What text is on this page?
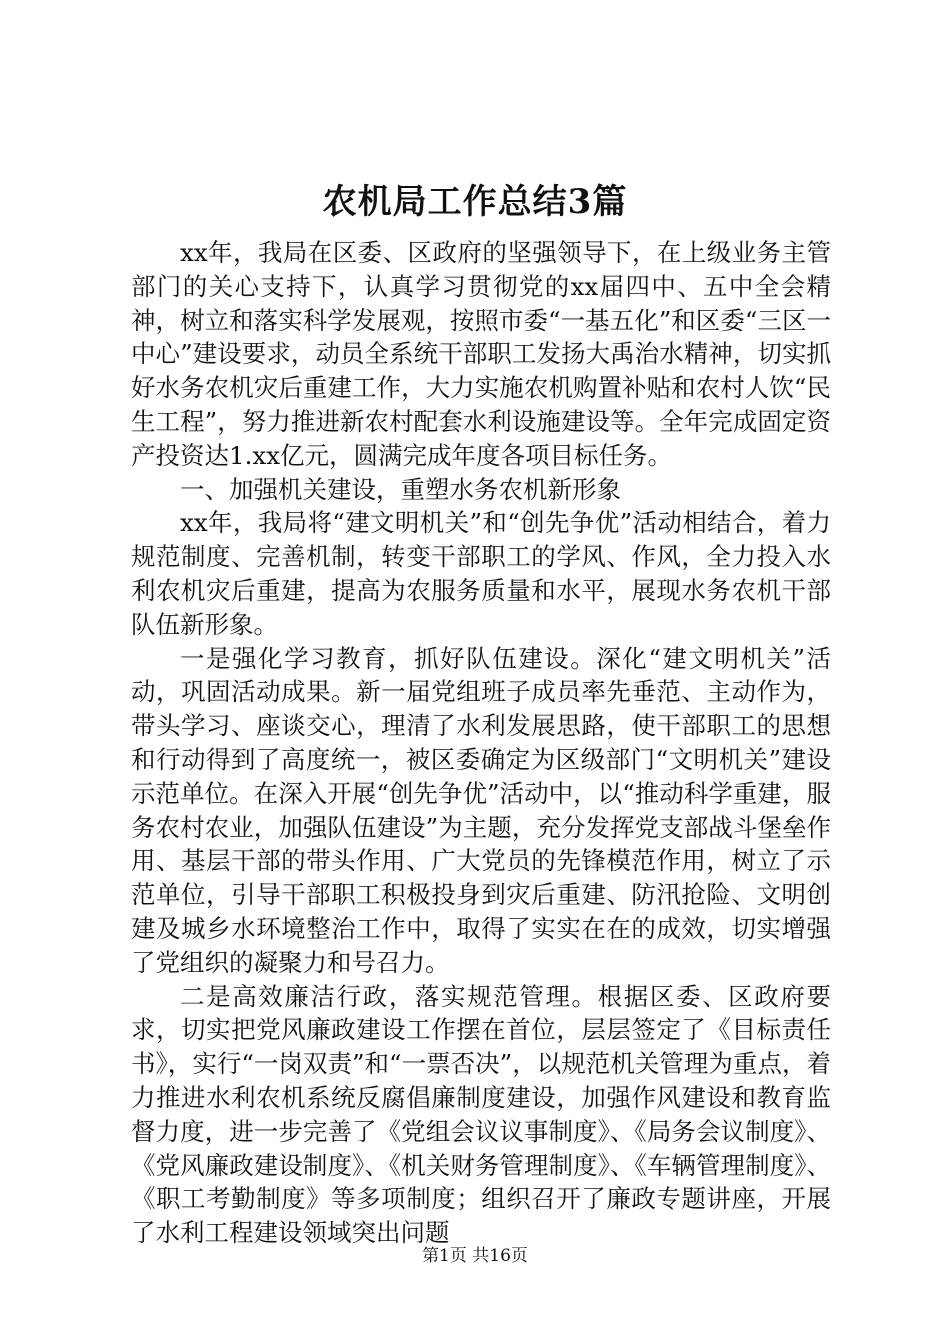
农机局工作总结3篇

xx年，我局在区委、区政府的坚强领导下，在上级业务主管部门的关心支持下，认真学习贯彻党的xx届四中、五中全会精神，树立和落实科学发展观，按照市委“一基五化”和区委“三区一中心”建设要求，动员全系统干部职工发扬大禹治水精神，切实抓好水务农机灾后重建工作，大力实施农机购置补贴和农村人饮“民生工程”，努力推进新农村配套水利设施建设等。全年完成固定资产投资达1.xx亿元，圆满完成年度各项目标任务。

一、加强机关建设，重塑水务农机新形象

xx年，我局将“建文明机关”和“创先争优”活动相结合，着力规范制度、完善机制，转变干部职工的学风、作风，全力投入水利农机灾后重建，提高为农服务质量和水平，展现水务农机干部队伍新形象。

一是强化学习教育，抓好队伍建设。深化“建文明机关”活动，巩固活动成果。新一届党组班子成员率先垂范、主动作为，带头学习、座谈交心，理清了水利发展思路，使干部职工的思想和行动得到了高度统一，被区委确定为区级部门“文明机关”建设示范单位。在深入开展“创先争优”活动中，以“推动科学重建，服务农村农业，加强队伍建设”为主题，充分发挥党支部战斗堡垒作用、基层干部的带头作用、广大党员的先锋模范作用，树立了示范单位，引导干部职工积极投身到灾后重建、防汛抢险、文明创建及城乡水环境整治工作中，取得了实实在在的成效，切实增强了党组织的凝聚力和号召力。

二是高效廉洁行政，落实规范管理。根据区委、区政府要求，切实把党风廉政建设工作摆在首位，层层签定了《目标责任书》，实行“一岗双责”和“一票否决”，以规范机关管理为重点，着力推进水利农机系统反腐倡廉制度建设，加强作风建设和教育监督力度，进一步完善了《党组会议议事制度》、《局务会议制度》、《党风廉政建设制度》、《机关财务管理制度》、《车辆管理制度》、《职工考勤制度》等多项制度；组织召开了廉政专题讲座，开展了水利工程建设领域突出问题

第1页 共16页
